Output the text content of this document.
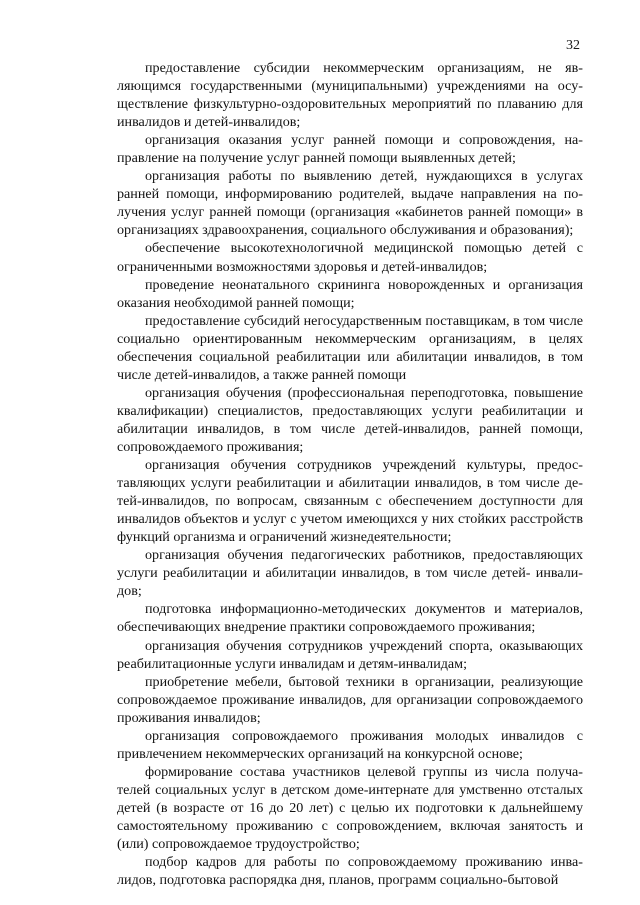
32

предоставление субсидии некоммерческим организациям, не являющимся государственными (муниципальными) учреждениями на осуществление физкультурно-оздоровительных мероприятий по плаванию для инвалидов и детей-инвалидов;

организация оказания услуг ранней помощи и сопровождения, направление на получение услуг ранней помощи выявленных детей;

организация работы по выявлению детей, нуждающихся в услугах ранней помощи, информированию родителей, выдаче направления на получения услуг ранней помощи (организация «кабинетов ранней помощи» в организациях здравоохранения, социального обслуживания и образования);

обеспечение высокотехнологичной медицинской помощью детей с ограниченными возможностями здоровья и детей-инвалидов;

проведение неонатального скрининга новорожденных и организация оказания необходимой ранней помощи;

предоставление субсидий негосударственным поставщикам, в том числе социально ориентированным некоммерческим организациям, в целях обеспечения социальной реабилитации или абилитации инвалидов, в том числе детей-инвалидов, а также ранней помощи

организация обучения (профессиональная переподготовка, повышение квалификации) специалистов, предоставляющих услуги реабилитации и абилитации инвалидов, в том числе детей-инвалидов, ранней помощи, сопровождаемого проживания;

организация обучения сотрудников учреждений культуры, предоставляющих услуги реабилитации и абилитации инвалидов, в том числе детей-инвалидов, по вопросам, связанным с обеспечением доступности для инвалидов объектов и услуг с учетом имеющихся у них стойких расстройств функций организма и ограничений жизнедеятельности;

организация обучения педагогических работников, предоставляющих услуги реабилитации и абилитации инвалидов, в том числе детей- инвалидов;

подготовка информационно-методических документов и материалов, обеспечивающих внедрение практики сопровождаемого проживания;

организация обучения сотрудников учреждений спорта, оказывающих реабилитационные услуги инвалидам и детям-инвалидам;

приобретение мебели, бытовой техники в организации, реализующие сопровождаемое проживание инвалидов, для организации сопровождаемого проживания инвалидов;

организация сопровождаемого проживания молодых инвалидов с привлечением некоммерческих организаций на конкурсной основе;

формирование состава участников целевой группы из числа получателей социальных услуг в детском доме-интернате для умственно отсталых детей (в возрасте от 16 до 20 лет) с целью их подготовки к дальнейшему самостоятельному проживанию с сопровождением, включая занятость и (или) сопровождаемое трудоустройство;

подбор кадров для работы по сопровождаемому проживанию инвалидов, подготовка распорядка дня, планов, программ социально-бытовой
